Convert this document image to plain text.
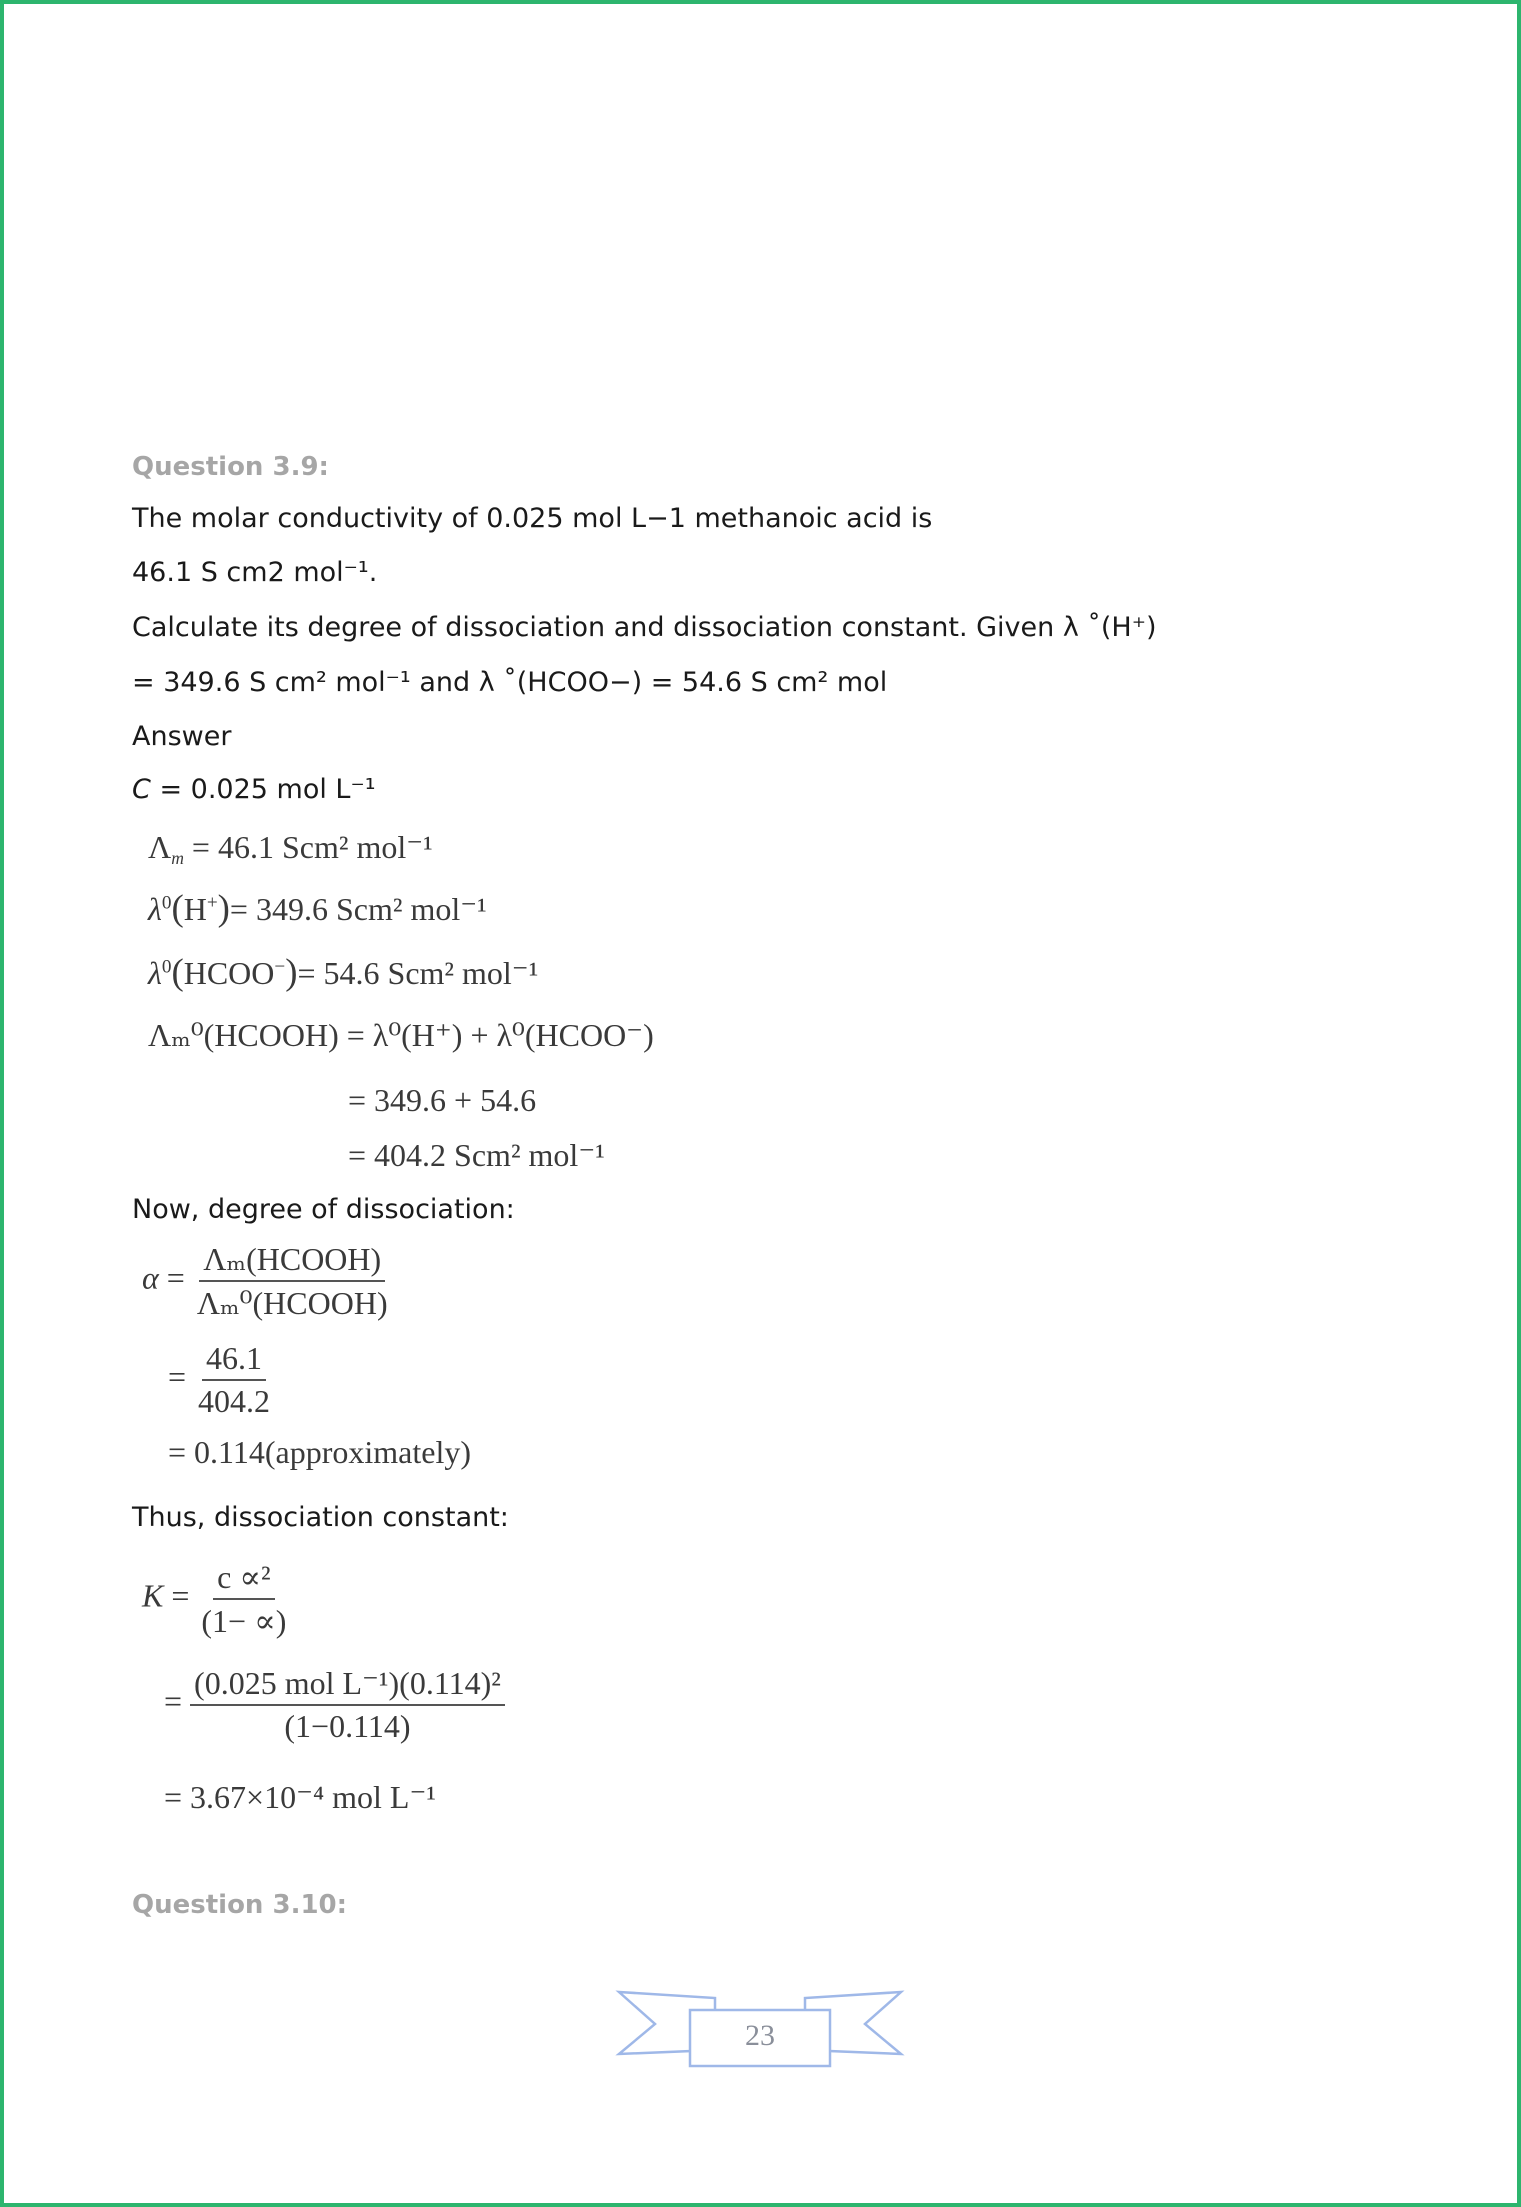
Question 3.9:
The molar conductivity of 0.025 mol L−1 methanoic acid is
46.1 S cm2 mol⁻¹.
Calculate its degree of dissociation and dissociation constant. Given λ ˚(H⁺)
= 349.6 S cm² mol⁻¹ and λ ˚(HCOO−) = 54.6 S cm² mol
Answer
C = 0.025 mol L⁻¹
$\Lambda_m = 46.1$ Scm² mol⁻¹
$\lambda^0(H^+)= 349.6$ Scm² mol⁻¹
$\lambda^0(HCOO^-)= 54.6$ Scm² mol⁻¹
Λₘ⁰(HCOOH) = λ⁰(H⁺) + λ⁰(HCOO⁻)
= 349.6 + 54.6
= 404.2 Scm² mol⁻¹
Now, degree of dissociation:
$\alpha = \frac{\text{Λₘ(HCOOH)}}{\text{Λₘ⁰(HCOOH)}}$
= $\frac{46.1}{404.2}$
= 0.114(approximately)
Thus, dissociation constant:
$K = \frac{\text{c ∝²}}{(1- \propto)}$
= $\frac{\text{(0.025 mol L⁻¹)(0.114)²}}{(1-0.114)}$
= 3.67×10⁻⁴ mol L⁻¹
Question 3.10:
23
